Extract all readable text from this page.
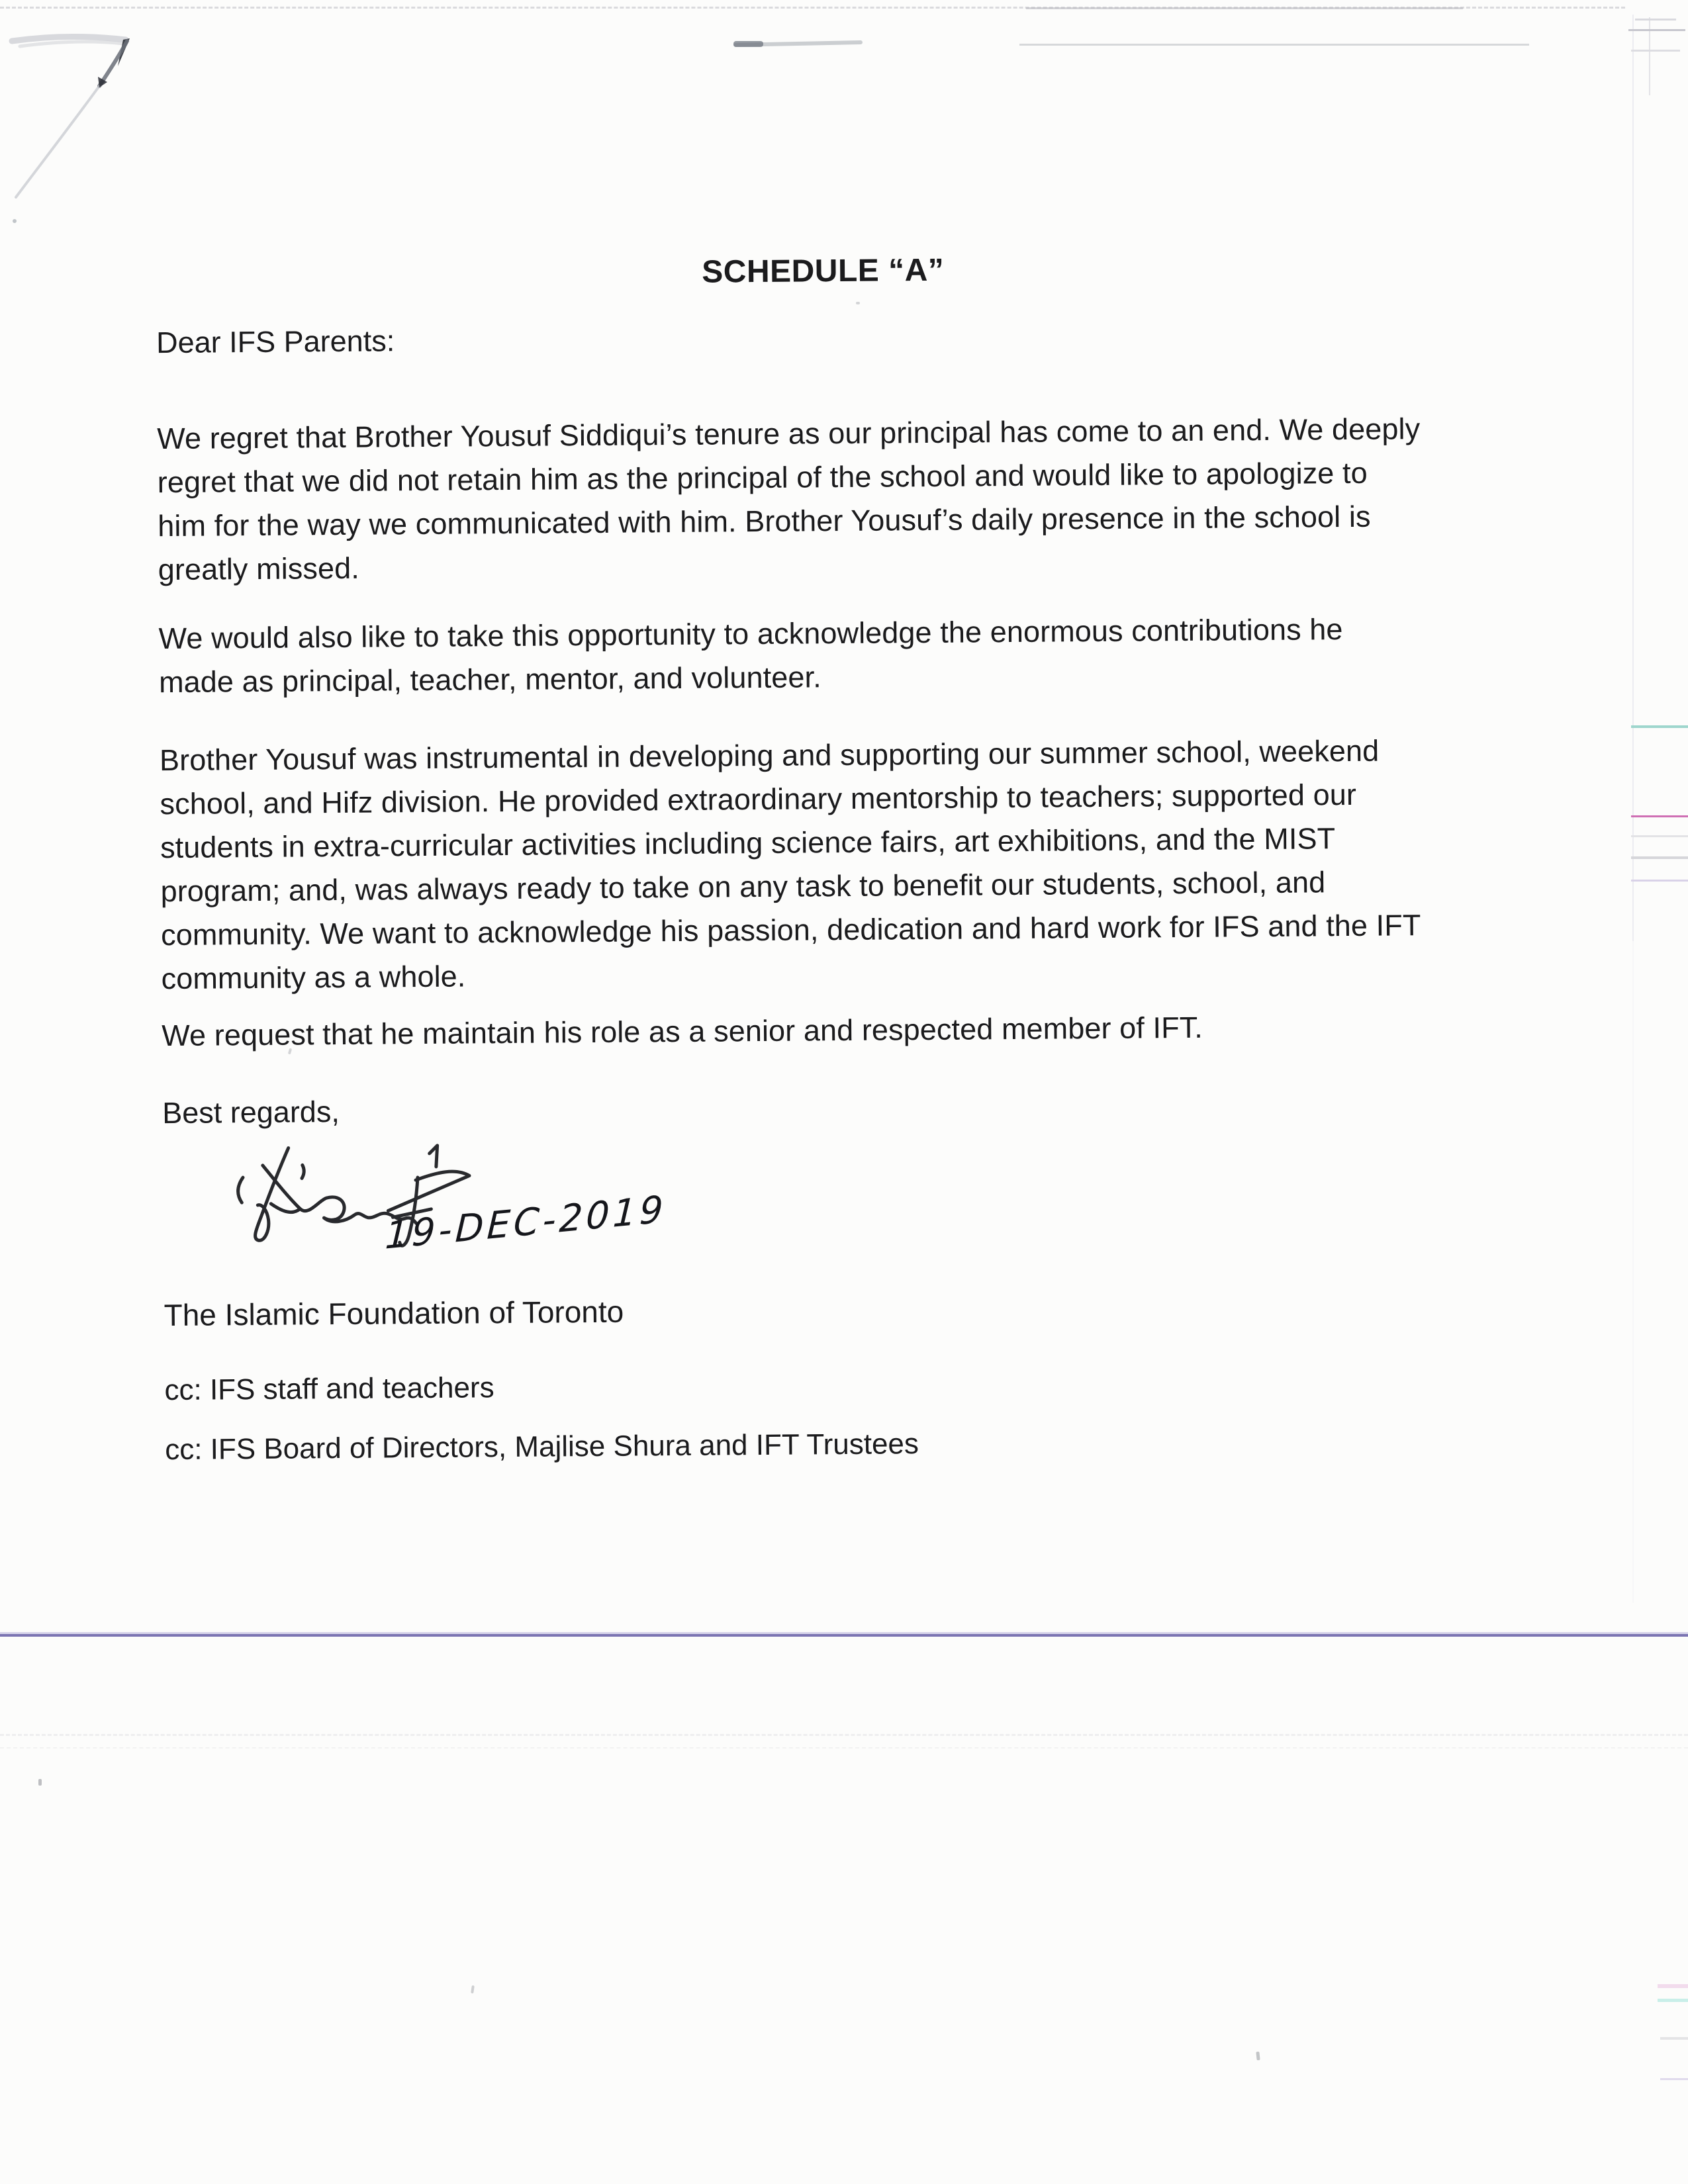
SCHEDULE “A”
Dear IFS Parents:
We regret that Brother Yousuf Siddiqui’s tenure as our principal has come to an end. We deeply
regret that we did not retain him as the principal of the school and would like to apologize to
him for the way we communicated with him. Brother Yousuf’s daily presence in the school is
greatly missed.
We would also like to take this opportunity to acknowledge the enormous contributions he
made as principal, teacher, mentor, and volunteer.
Brother Yousuf was instrumental in developing and supporting our summer school, weekend
school, and Hifz division. He provided extraordinary mentorship to teachers; supported our
students in extra-curricular activities including science fairs, art exhibitions, and the MIST
program; and, was always ready to take on any task to benefit our students, school, and
community. We want to acknowledge his passion, dedication and hard work for IFS and the IFT
community as a whole.
We request that he maintain his role as a senior and respected member of IFT.
Best regards,
19-DEC-2019
The Islamic Foundation of Toronto
cc: IFS staff and teachers
cc: IFS Board of Directors, Majlise Shura and IFT Trustees
